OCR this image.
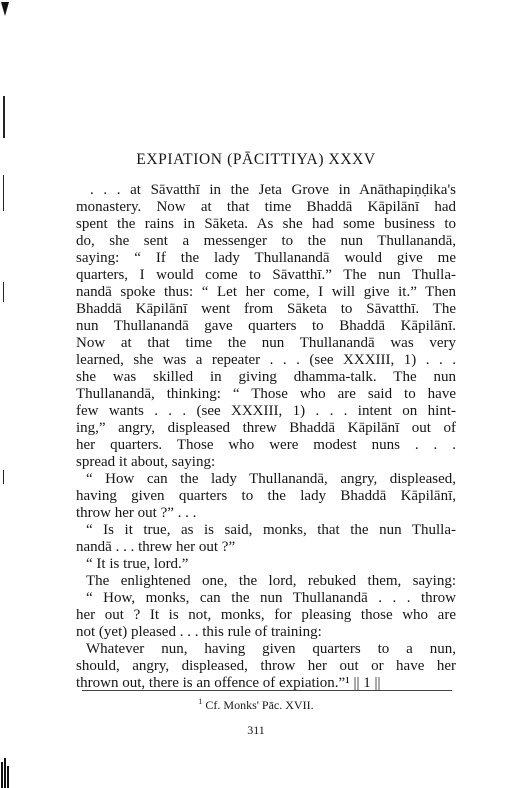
EXPIATION (PĀCITTIYA) XXXV
. . . at Sāvatthī in the Jeta Grove in Anāthapiṇḍika's
monastery. Now at that time Bhaddā Kāpilānī had
spent the rains in Sāketa. As she had some business to
do, she sent a messenger to the nun Thullanandā,
saying: “ If the lady Thullanandā would give me
quarters, I would come to Sāvatthī.” The nun Thulla-
nandā spoke thus: “ Let her come, I will give it.” Then
Bhaddā Kāpilānī went from Sāketa to Sāvatthī. The
nun Thullanandā gave quarters to Bhaddā Kāpilānī.
Now at that time the nun Thullanandā was very
learned, she was a repeater . . . (see XXXIII, 1) . . .
she was skilled in giving dhamma-talk. The nun
Thullanandā, thinking: “ Those who are said to have
few wants . . . (see XXXIII, 1) . . . intent on hint-
ing,” angry, displeased threw Bhaddā Kāpilānī out of
her quarters. Those who were modest nuns . . .
spread it about, saying:
“ How can the lady Thullanandā, angry, displeased,
having given quarters to the lady Bhaddā Kāpilānī,
throw her out ?” . . .
“ Is it true, as is said, monks, that the nun Thulla-
nandā . . . threw her out ?”
“ It is true, lord.”
The enlightened one, the lord, rebuked them, saying:
“ How, monks, can the nun Thullanandā . . . throw
her out ? It is not, monks, for pleasing those who are
not (yet) pleased . . . this rule of training:
Whatever nun, having given quarters to a nun,
should, angry, displeased, throw her out or have her
thrown out, there is an offence of expiation.”¹ || 1 ||
$^1$ Cf. Monks' Pāc. XVII.
311
